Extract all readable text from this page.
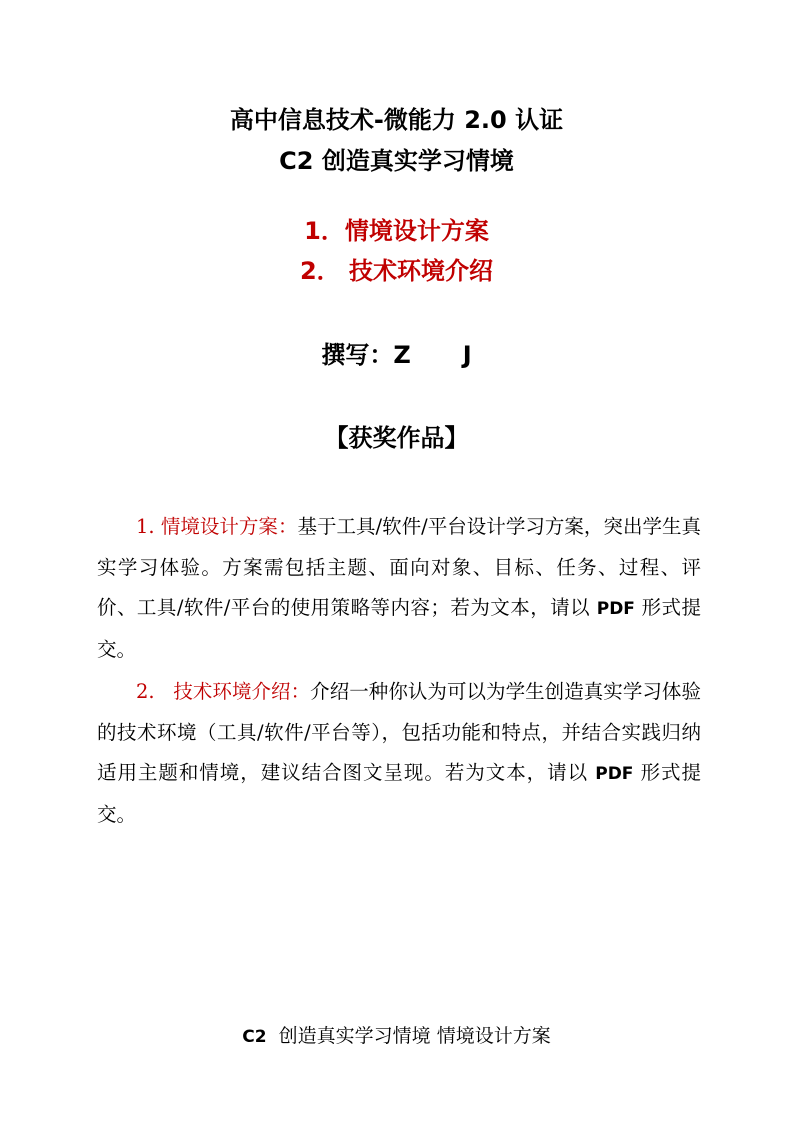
高中信息技术-微能力 2.0 认证
C2 创造真实学习情境
1．情境设计方案
2． 技术环境介绍
撰写：Z J
【获奖作品】

1. 情境设计方案：基于工具/软件/平台设计学习方案，突出学生真实学习体验。方案需包括主题、面向对象、目标、任务、过程、评价、工具/软件/平台的使用策略等内容；若为文本，请以 PDF 形式提交。

2. 技术环境介绍：介绍一种你认为可以为学生创造真实学习体验的技术环境（工具/软件/平台等），包括功能和特点，并结合实践归纳适用主题和情境，建议结合图文呈现。若为文本，请以 PDF 形式提交。

C2 创造真实学习情境 情境设计方案
